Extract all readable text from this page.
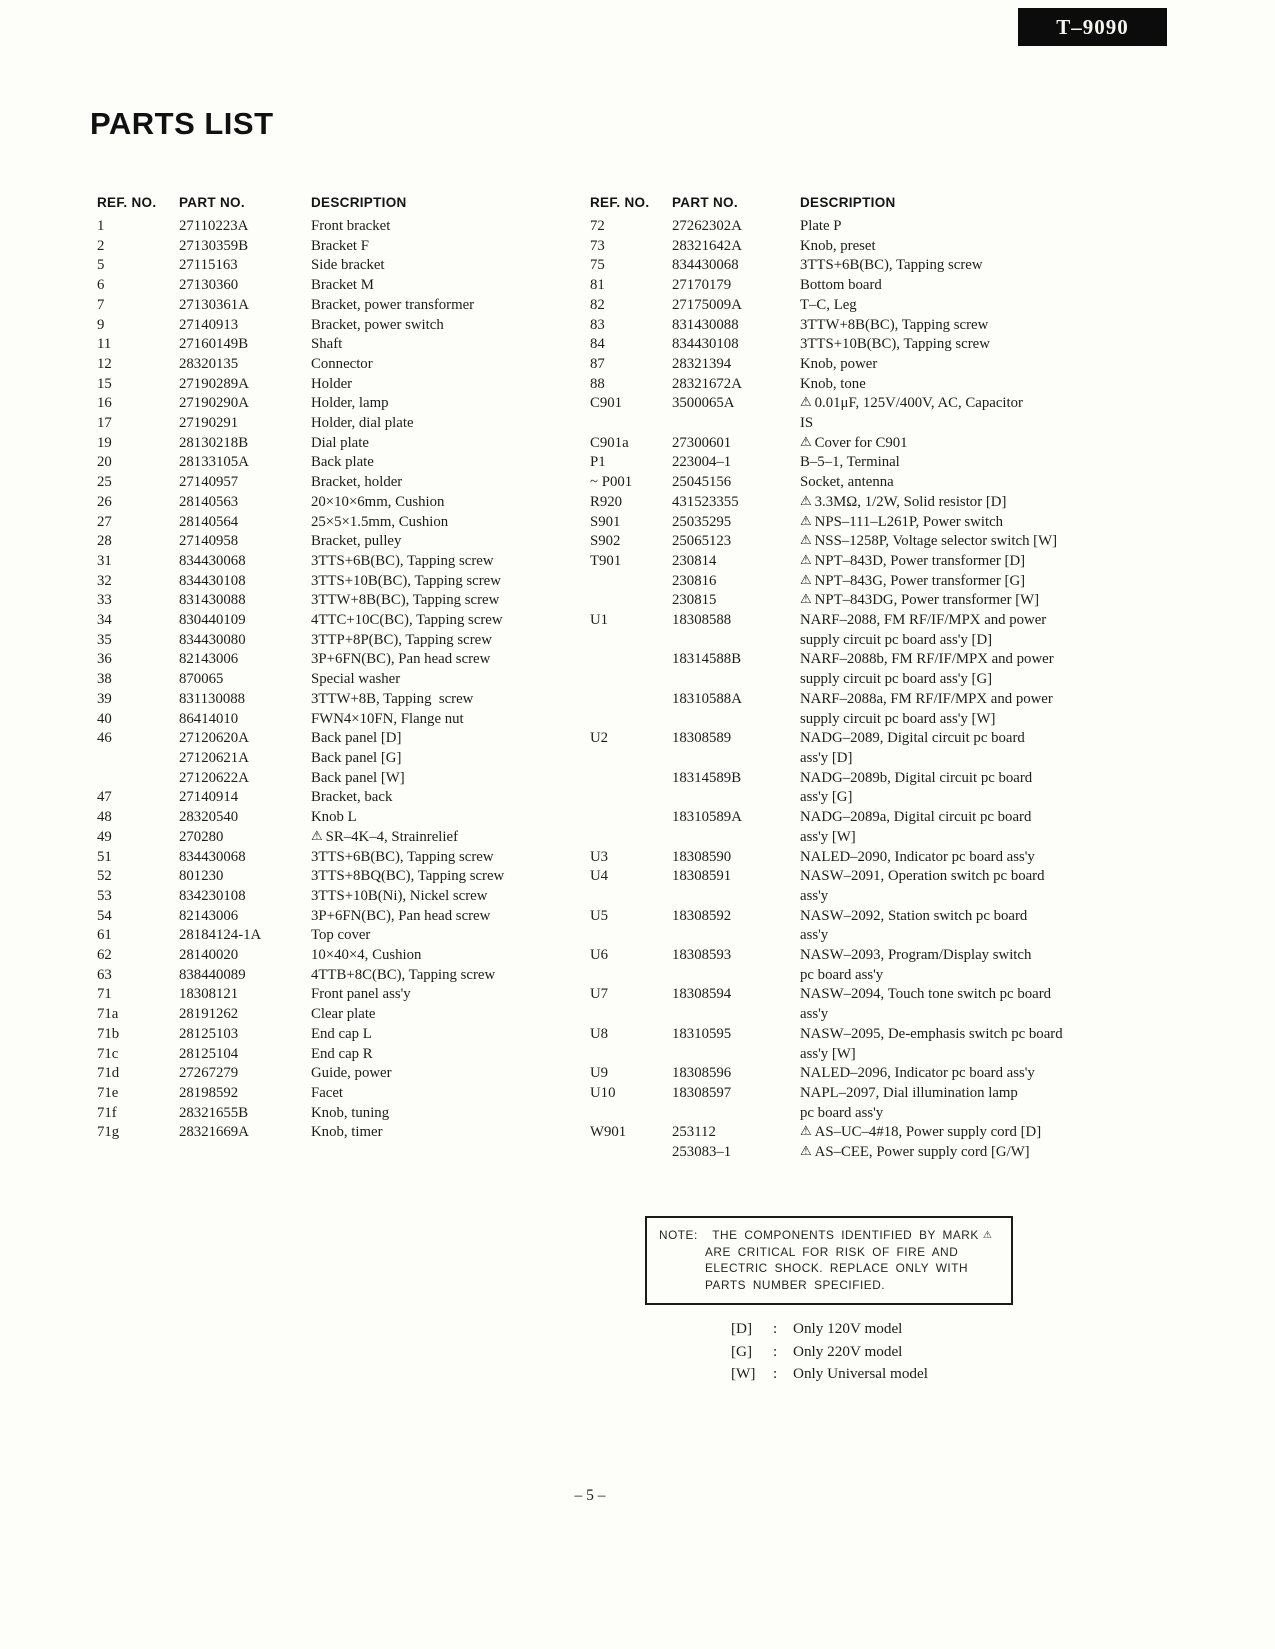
T–9090
PARTS LIST
REF. NO.	PART NO.	DESCRIPTION
1	27110223A	Front bracket
2	27130359B	Bracket F
5	27115163	Side bracket
6	27130360	Bracket M
7	27130361A	Bracket, power transformer
9	27140913	Bracket, power switch
11	27160149B	Shaft
12	28320135	Connector
15	27190289A	Holder
16	27190290A	Holder, lamp
17	27190291	Holder, dial plate
19	28130218B	Dial plate
20	28133105A	Back plate
25	27140957	Bracket, holder
26	28140563	20×10×6mm, Cushion
27	28140564	25×5×1.5mm, Cushion
28	27140958	Bracket, pulley
31	834430068	3TTS+6B(BC), Tapping screw
32	834430108	3TTS+10B(BC), Tapping screw
33	831430088	3TTW+8B(BC), Tapping screw
34	830440109	4TTC+10C(BC), Tapping screw
35	834430080	3TTP+8P(BC), Tapping screw
36	82143006	3P+6FN(BC), Pan head screw
38	870065	Special washer
39	831130088	3TTW+8B, Tapping  screw
40	86414010	FWN4×10FN, Flange nut
46	27120620A	Back panel [D]
27120621A	Back panel [G]
27120622A	Back panel [W]
47	27140914	Bracket, back
48	28320540	Knob L
49	270280	⚠ SR–4K–4, Strainrelief
51	834430068	3TTS+6B(BC), Tapping screw
52	801230	3TTS+8BQ(BC), Tapping screw
53	834230108	3TTS+10B(Ni), Nickel screw
54	82143006	3P+6FN(BC), Pan head screw
61	28184124-1A	Top cover
62	28140020	10×40×4, Cushion
63	838440089	4TTB+8C(BC), Tapping screw
71	18308121	Front panel ass'y
71a	28191262	Clear plate
71b	28125103	End cap L
71c	28125104	End cap R
71d	27267279	Guide, power
71e	28198592	Facet
71f	28321655B	Knob, tuning
71g	28321669A	Knob, timer
REF. NO.	PART NO.	DESCRIPTION
72	27262302A	Plate P
73	28321642A	Knob, preset
75	834430068	3TTS+6B(BC), Tapping screw
81	27170179	Bottom board
82	27175009A	T–C, Leg
83	831430088	3TTW+8B(BC), Tapping screw
84	834430108	3TTS+10B(BC), Tapping screw
87	28321394	Knob, power
88	28321672A	Knob, tone
C901	3500065A	⚠ 0.01μF, 125V/400V, AC, Capacitor
IS
C901a	27300601	⚠ Cover for C901
P1	223004–1	B–5–1, Terminal
~ P001	25045156	Socket, antenna
R920	431523355	⚠ 3.3MΩ, 1/2W, Solid resistor [D]
S901	25035295	⚠ NPS–111–L261P, Power switch
S902	25065123	⚠ NSS–1258P, Voltage selector switch [W]
T901	230814	⚠ NPT–843D, Power transformer [D]
230816	⚠ NPT–843G, Power transformer [G]
230815	⚠ NPT–843DG, Power transformer [W]
U1	18308588	NARF–2088, FM RF/IF/MPX and power
supply circuit pc board ass'y [D]
18314588B	NARF–2088b, FM RF/IF/MPX and power
supply circuit pc board ass'y [G]
18310588A	NARF–2088a, FM RF/IF/MPX and power
supply circuit pc board ass'y [W]
U2	18308589	NADG–2089, Digital circuit pc board
ass'y [D]
18314589B	NADG–2089b, Digital circuit pc board
ass'y [G]
18310589A	NADG–2089a, Digital circuit pc board
ass'y [W]
U3	18308590	NALED–2090, Indicator pc board ass'y
U4	18308591	NASW–2091, Operation switch pc board
ass'y
U5	18308592	NASW–2092, Station switch pc board
ass'y
U6	18308593	NASW–2093, Program/Display switch
pc board ass'y
U7	18308594	NASW–2094, Touch tone switch pc board
ass'y
U8	18310595	NASW–2095, De-emphasis switch pc board
ass'y [W]
U9	18308596	NALED–2096, Indicator pc board ass'y
U10	18308597	NAPL–2097, Dial illumination lamp
pc board ass'y
W901	253112	⚠ AS–UC–4#18, Power supply cord [D]
253083–1	⚠ AS–CEE, Power supply cord [G/W]
NOTE: THE COMPONENTS IDENTIFIED BY MARK ⚠
ARE CRITICAL FOR RISK OF FIRE AND
ELECTRIC SHOCK. REPLACE ONLY WITH
PARTS NUMBER SPECIFIED.
[D]	:	Only 120V model
[G]	:	Only 220V model
[W]	:	Only Universal model
– 5 –
